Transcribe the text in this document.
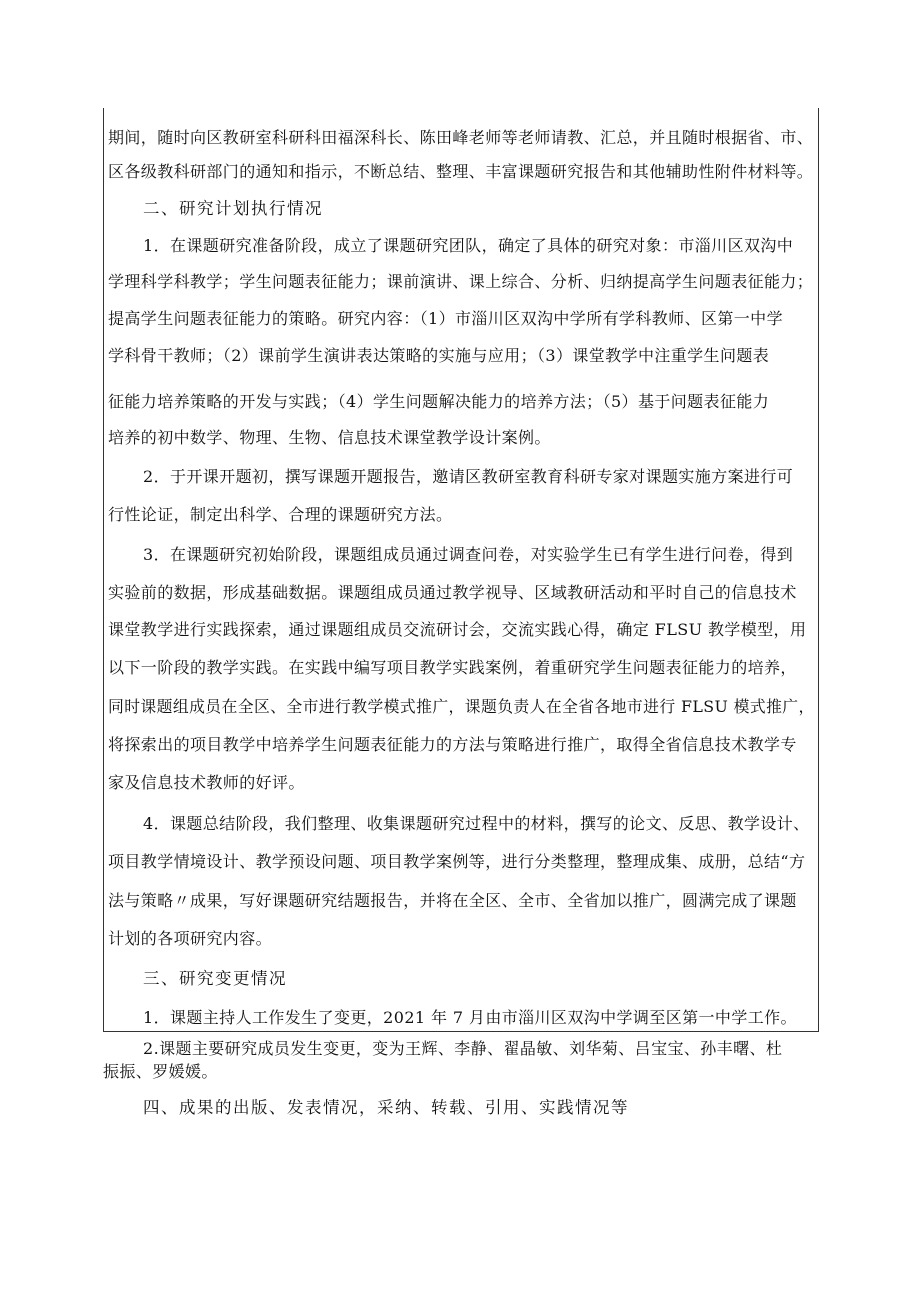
期间，随时向区教研室科研科田福深科长、陈田峰老师等老师请教、汇总，并且随时根据省、市、
区各级教科研部门的通知和指示，不断总结、整理、丰富课题研究报告和其他辅助性附件材料等。
二、研究计划执行情况
1．在课题研究准备阶段，成立了课题研究团队，确定了具体的研究对象：市淄川区双沟中
学理科学科教学；学生问题表征能力；课前演讲、课上综合、分析、归纳提高学生问题表征能力；
提高学生问题表征能力的策略。研究内容：（1）市淄川区双沟中学所有学科教师、区第一中学
学科骨干教师；（2）课前学生演讲表达策略的实施与应用；（3）课堂教学中注重学生问题表
征能力培养策略的开发与实践；（4）学生问题解决能力的培养方法；（5）基于问题表征能力
培养的初中数学、物理、生物、信息技术课堂教学设计案例。
2．于开课开题初，撰写课题开题报告，邀请区教研室教育科研专家对课题实施方案进行可
行性论证，制定出科学、合理的课题研究方法。
3．在课题研究初始阶段，课题组成员通过调查问卷，对实验学生已有学生进行问卷，得到
实验前的数据，形成基础数据。课题组成员通过教学视导、区域教研活动和平时自己的信息技术
课堂教学进行实践探索，通过课题组成员交流研讨会，交流实践心得，确定 FLSU 教学模型，用
以下一阶段的教学实践。在实践中编写项目教学实践案例，着重研究学生问题表征能力的培养，
同时课题组成员在全区、全市进行教学模式推广，课题负责人在全省各地市进行 FLSU 模式推广，
将探索出的项目教学中培养学生问题表征能力的方法与策略进行推广，取得全省信息技术教学专
家及信息技术教师的好评。
4．课题总结阶段，我们整理、收集课题研究过程中的材料，撰写的论文、反思、教学设计、
项目教学情境设计、教学预设问题、项目教学案例等，进行分类整理，整理成集、成册，总结“方
法与策略〃成果，写好课题研究结题报告，并将在全区、全市、全省加以推广，圆满完成了课题
计划的各项研究内容。
三、研究变更情况
1．课题主持人工作发生了变更，2021 年 7 月由市淄川区双沟中学调至区第一中学工作。
2.课题主要研究成员发生变更，变为王辉、李静、翟晶敏、刘华菊、吕宝宝、孙丰曙、杜
振振、罗媛媛。
四、成果的出版、发表情况，采纳、转载、引用、实践情况等
